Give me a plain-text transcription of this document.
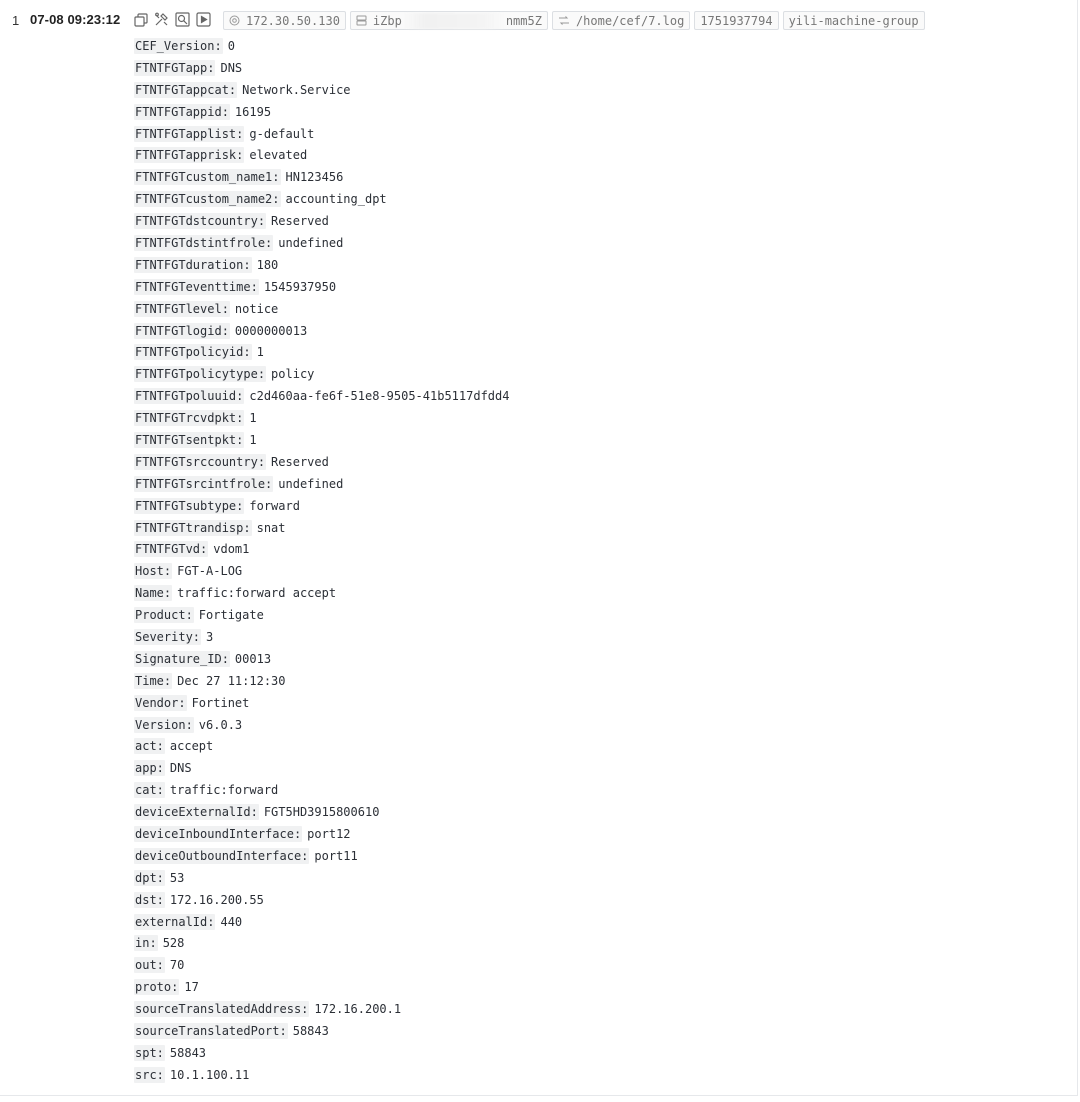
1 07-08 09:23:12	172.30.50.130	iZbp	nmm5Z	/home/cef/7.log 1751937794 yili-machine-group
CEF_Version: 0
FTNTFGTapp: DNS
FTNTFGTappcat: Network.Service
FTNTFGTappid: 16195
FTNTFGTapplist: g-default
FTNTFGTapprisk: elevated
FTNTFGTcustom_name1: HN123456
FTNTFGTcustom_name2: accounting_dpt
FTNTFGTdstcountry: Reserved
FTNTFGTdstintfrole: undefined
FTNTFGTduration: 180
FTNTFGTeventtime: 1545937950
FTNTFGTlevel: notice
FTNTFGTlogid: 0000000013
FTNTFGTpolicyid: 1
FTNTFGTpolicytype: policy
FTNTFGTpoluuid: c2d460aa-fe6f-51e8-9505-41b5117dfdd4
FTNTFGTrcvdpkt: 1
FTNTFGTsentpkt: 1
FTNTFGTsrccountry: Reserved
FTNTFGTsrcintfrole: undefined
FTNTFGTsubtype: forward
FTNTFGTtrandisp: snat
FTNTFGTvd: vdom1
Host: FGT-A-LOG
Name: traffic:forward accept
Product: Fortigate
Severity: 3
Signature_ID: 00013
Time: Dec 27 11:12:30
Vendor: Fortinet
Version: v6.0.3
act: accept
app: DNS
cat: traffic:forward
deviceExternalId: FGT5HD3915800610
deviceInboundInterface: port12
deviceOutboundInterface: port11
dpt: 53
dst: 172.16.200.55
externalId: 440
in: 528
out: 70
proto: 17
sourceTranslatedAddress: 172.16.200.1
sourceTranslatedPort: 58843
spt: 58843
src: 10.1.100.11
